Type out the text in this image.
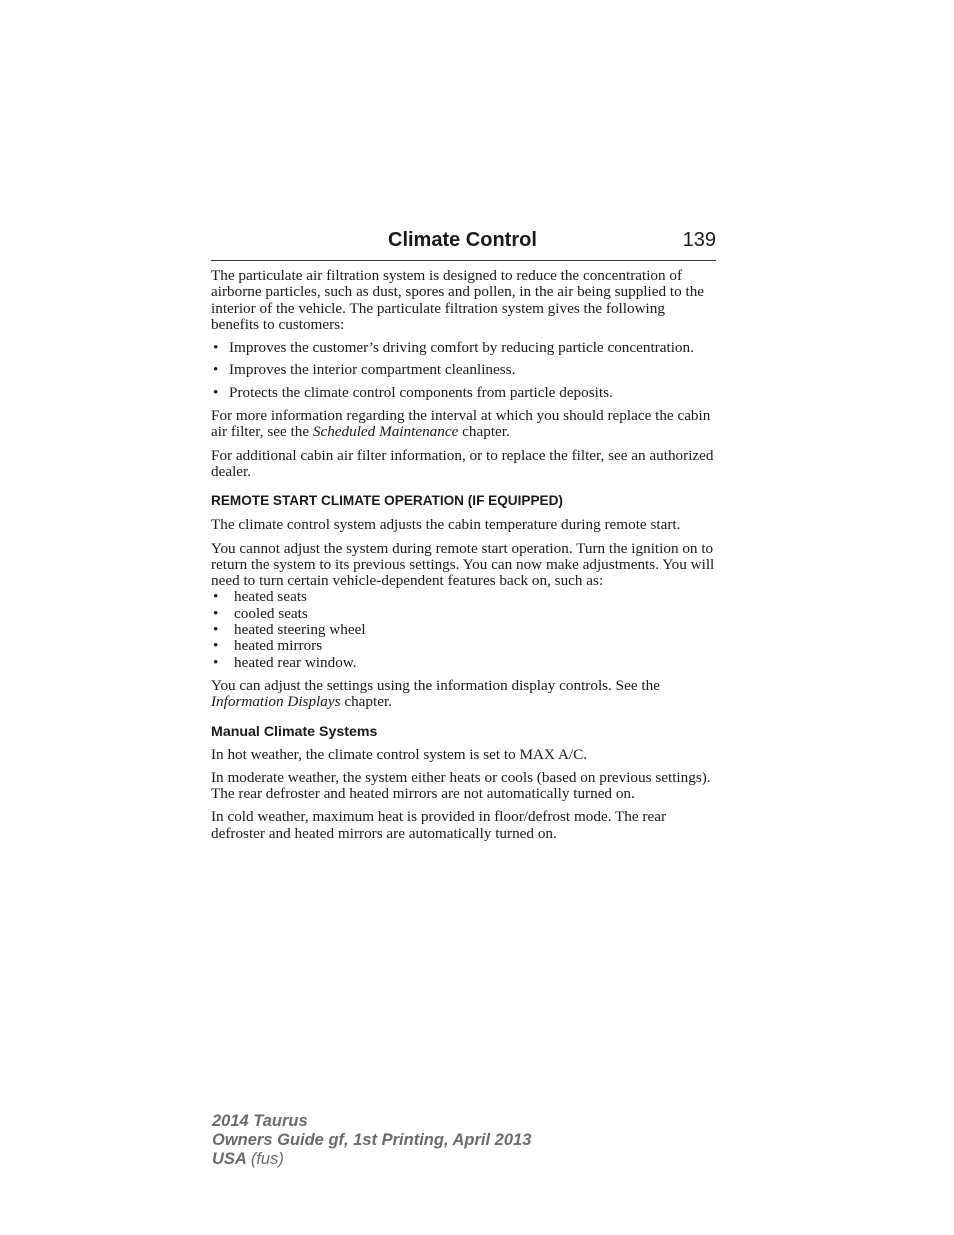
Climate Control	139

The particulate air filtration system is designed to reduce the concentration of airborne particles, such as dust, spores and pollen, in the air being supplied to the interior of the vehicle. The particulate filtration system gives the following benefits to customers:

• Improves the customer’s driving comfort by reducing particle concentration.
• Improves the interior compartment cleanliness.
• Protects the climate control components from particle deposits.

For more information regarding the interval at which you should replace the cabin air filter, see the Scheduled Maintenance chapter.

For additional cabin air filter information, or to replace the filter, see an authorized dealer.

REMOTE START CLIMATE OPERATION (IF EQUIPPED)

The climate control system adjusts the cabin temperature during remote start.

You cannot adjust the system during remote start operation. Turn the ignition on to return the system to its previous settings. You can now make adjustments. You will need to turn certain vehicle-dependent features back on, such as:

• heated seats
• cooled seats
• heated steering wheel
• heated mirrors
• heated rear window.

You can adjust the settings using the information display controls. See the Information Displays chapter.

Manual Climate Systems

In hot weather, the climate control system is set to MAX A/C.

In moderate weather, the system either heats or cools (based on previous settings). The rear defroster and heated mirrors are not automatically turned on.

In cold weather, maximum heat is provided in floor/defrost mode. The rear defroster and heated mirrors are automatically turned on.

2014 Taurus
Owners Guide gf, 1st Printing, April 2013
USA (fus)
